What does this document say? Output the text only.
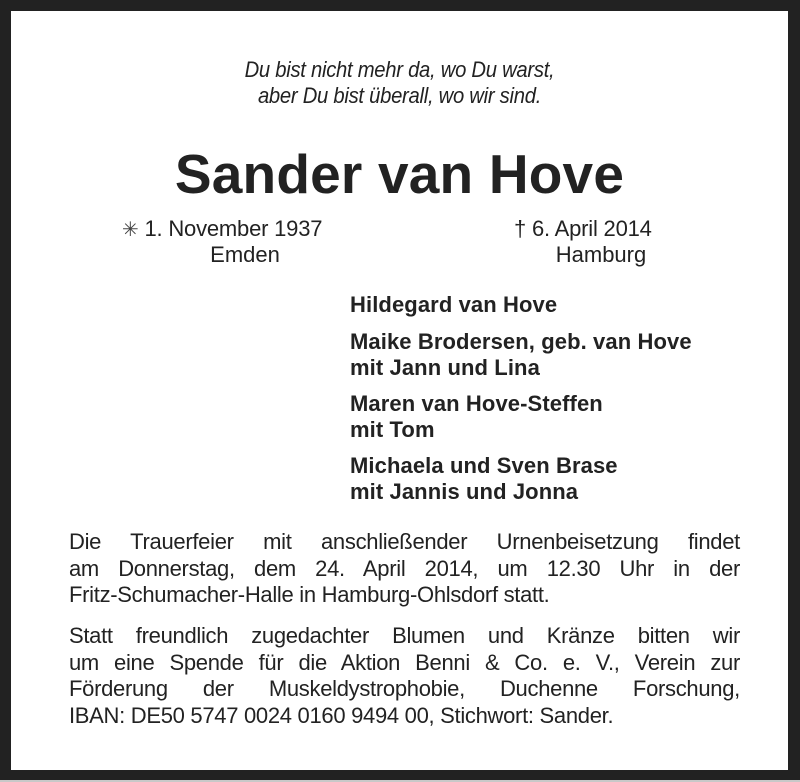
Du bist nicht mehr da, wo Du warst,
aber Du bist überall, wo wir sind.
Sander van Hove
✳ 1. November 1937
Emden
† 6. April 2014
Hamburg
Hildegard van Hove
Maike Brodersen, geb. van Hove
mit Jann und Lina
Maren van Hove-Steffen
mit Tom
Michaela und Sven Brase
mit Jannis und Jonna
Die Trauerfeier mit anschließender Urnenbeisetzung findet
am Donnerstag, dem 24. April 2014, um 12.30 Uhr in der
Fritz-Schumacher-Halle in Hamburg-Ohlsdorf statt.
Statt freundlich zugedachter Blumen und Kränze bitten wir
um eine Spende für die Aktion Benni & Co. e. V., Verein zur
Förderung der Muskeldystrophobie, Duchenne Forschung,
IBAN: DE50 5747 0024 0160 9494 00, Stichwort: Sander.
